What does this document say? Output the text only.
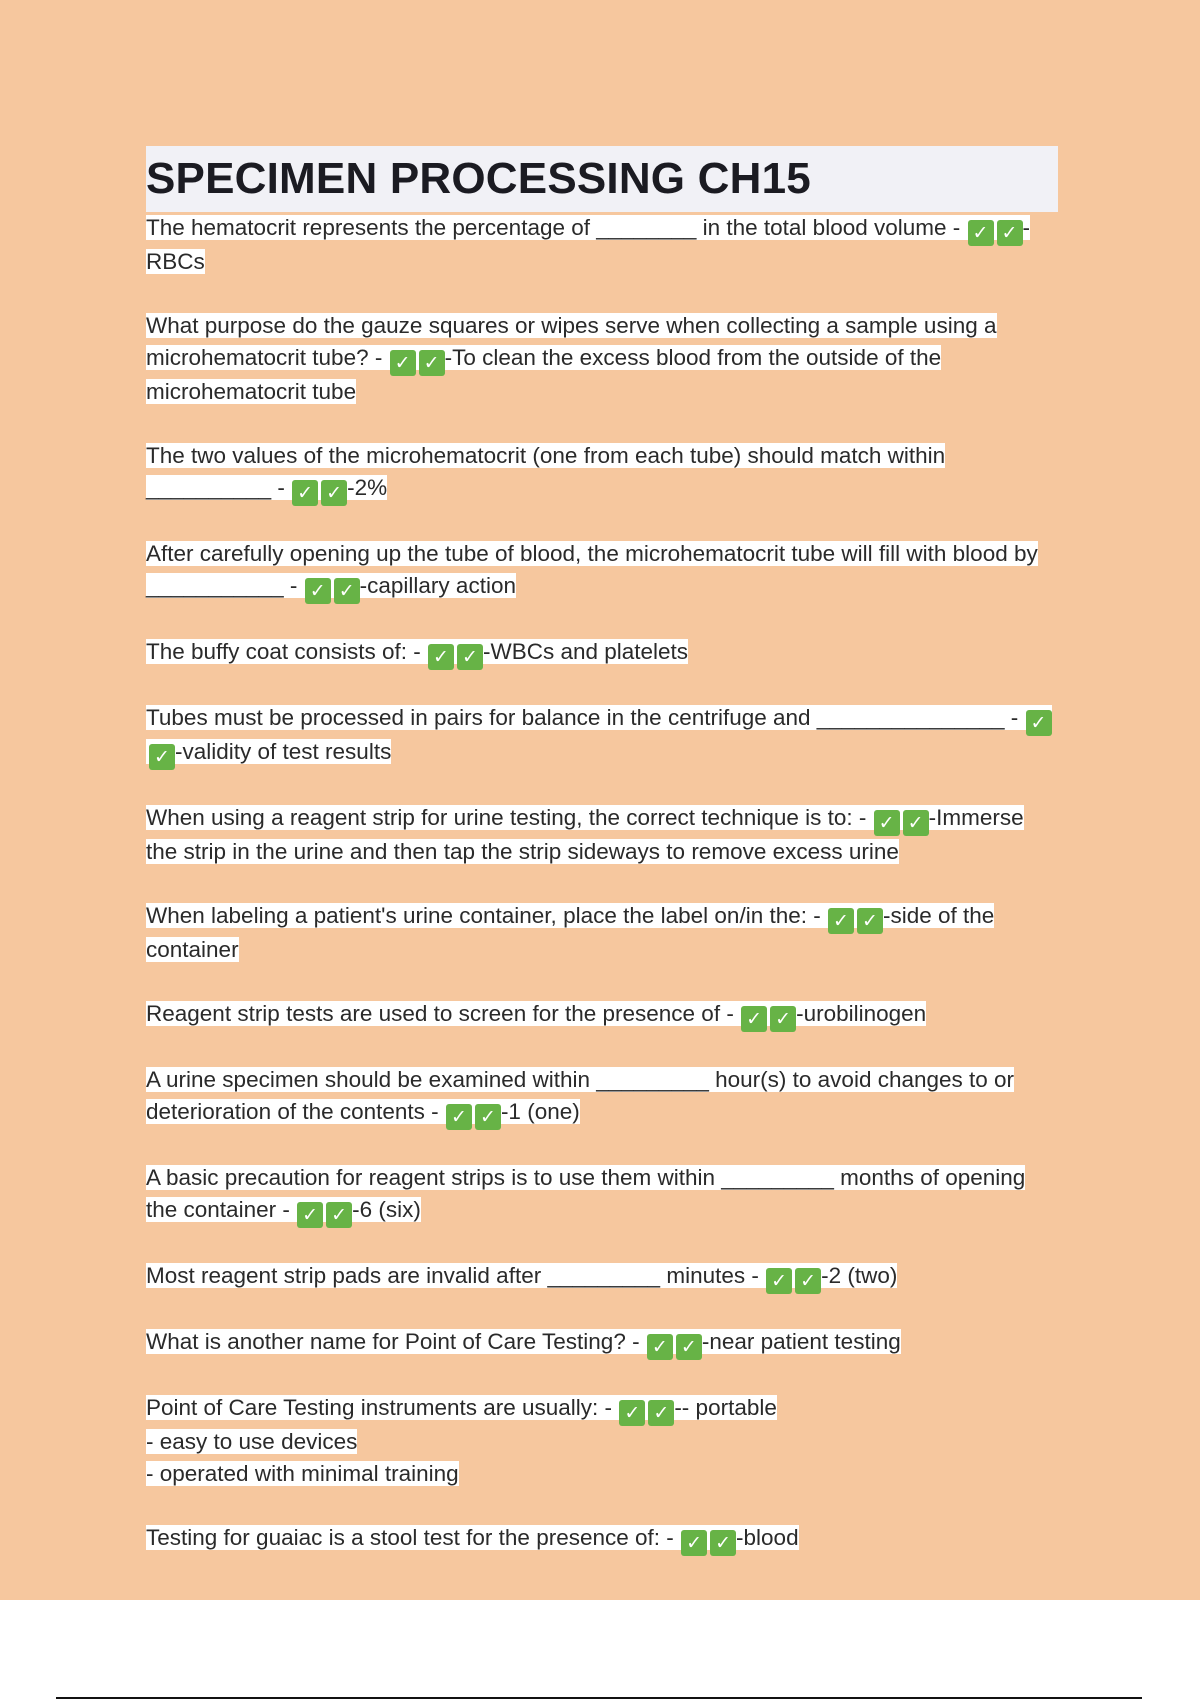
SPECIMEN PROCESSING CH15
The hematocrit represents the percentage of ________ in the total blood volume - ✓ ✓ -RBCs
What purpose do the gauze squares or wipes serve when collecting a sample using a microhematocrit tube? - ✓ ✓ -To clean the excess blood from the outside of the microhematocrit tube
The two values of the microhematocrit (one from each tube) should match within __________ - ✓ ✓ -2%
After carefully opening up the tube of blood, the microhematocrit tube will fill with blood by ___________ - ✓ ✓ -capillary action
The buffy coat consists of: - ✓ ✓ -WBCs and platelets
Tubes must be processed in pairs for balance in the centrifuge and _______________ - ✓✓ -validity of test results
When using a reagent strip for urine testing, the correct technique is to: - ✓ ✓ -Immerse the strip in the urine and then tap the strip sideways to remove excess urine
When labeling a patient's urine container, place the label on/in the: - ✓ ✓ -side of the container
Reagent strip tests are used to screen for the presence of - ✓ ✓ -urobilinogen
A urine specimen should be examined within _________ hour(s) to avoid changes to or deterioration of the contents - ✓ ✓ -1 (one)
A basic precaution for reagent strips is to use them within _________ months of opening the container - ✓ ✓ -6 (six)
Most reagent strip pads are invalid after _________ minutes - ✓ ✓ -2 (two)
What is another name for Point of Care Testing? - ✓ ✓ -near patient testing
Point of Care Testing instruments are usually: - ✓ ✓ -- portable
- easy to use devices
- operated with minimal training
Testing for guaiac is a stool test for the presence of: - ✓ ✓ -blood
